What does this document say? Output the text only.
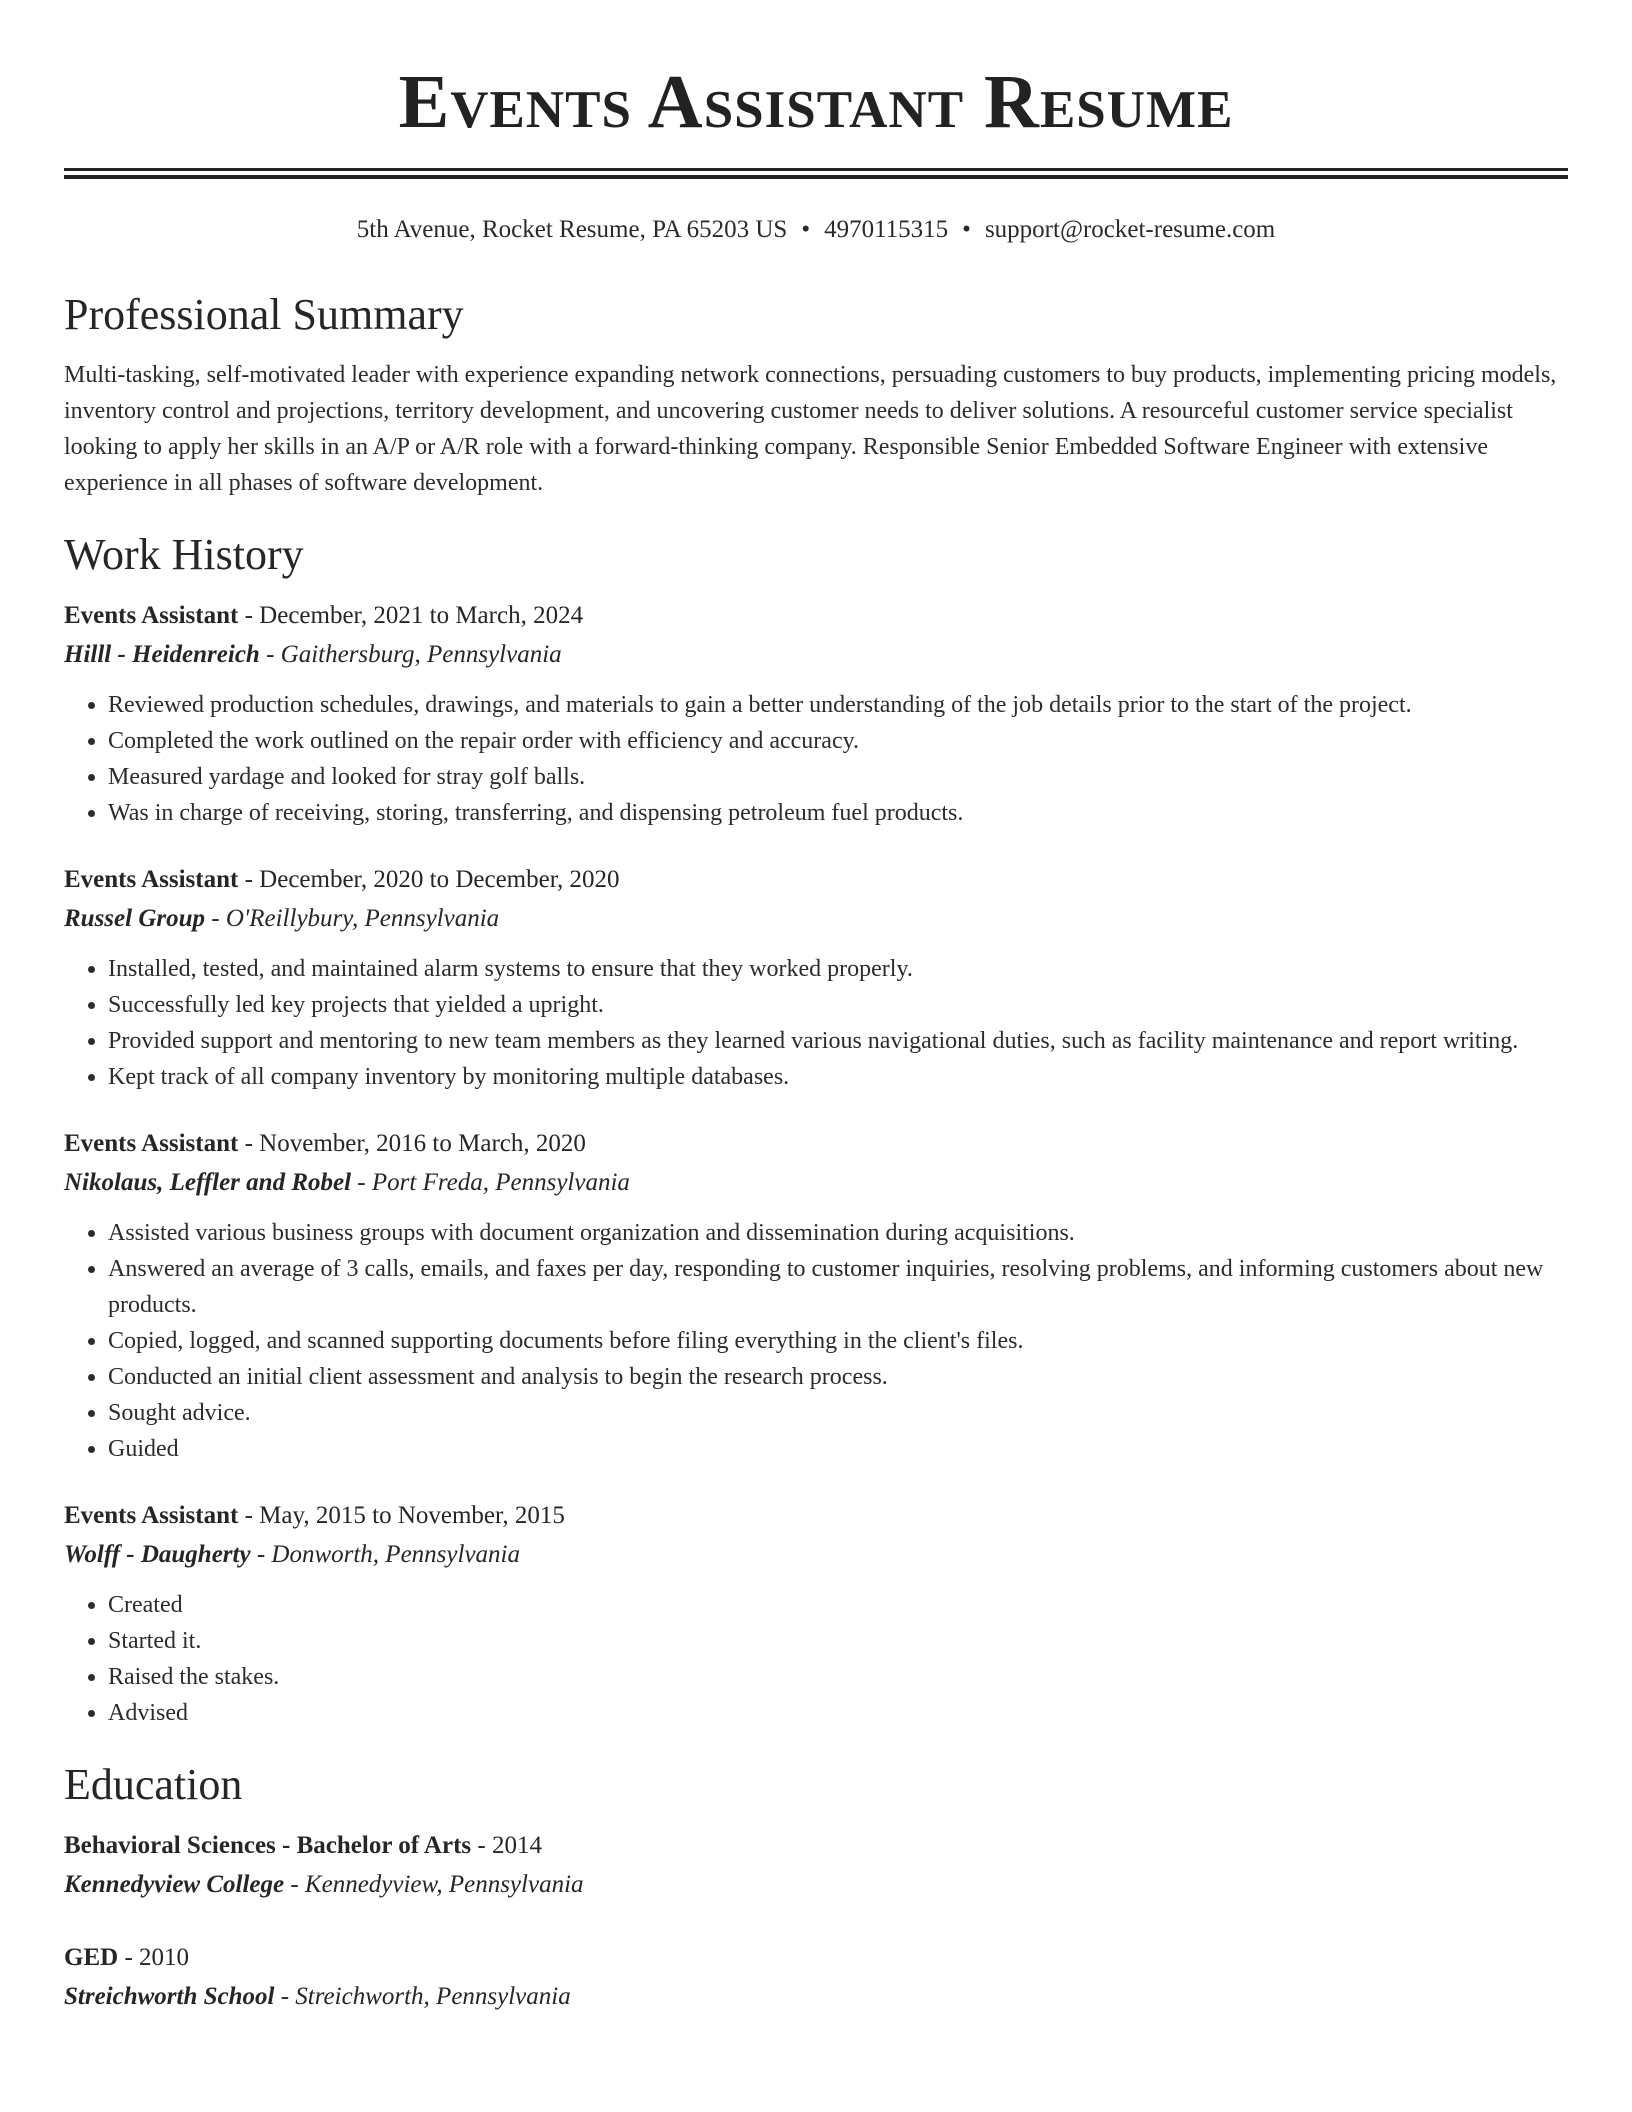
Events Assistant Resume
5th Avenue, Rocket Resume, PA 65203 US • 4970115315 • support@rocket-resume.com
Professional Summary
Multi-tasking, self-motivated leader with experience expanding network connections, persuading customers to buy products, implementing pricing models, inventory control and projections, territory development, and uncovering customer needs to deliver solutions. A resourceful customer service specialist looking to apply her skills in an A/P or A/R role with a forward-thinking company. Responsible Senior Embedded Software Engineer with extensive experience in all phases of software development.
Work History
Events Assistant - December, 2021 to March, 2024
Hilll - Heidenreich - Gaithersburg, Pennsylvania
• Reviewed production schedules, drawings, and materials to gain a better understanding of the job details prior to the start of the project.
• Completed the work outlined on the repair order with efficiency and accuracy.
• Measured yardage and looked for stray golf balls.
• Was in charge of receiving, storing, transferring, and dispensing petroleum fuel products.
Events Assistant - December, 2020 to December, 2020
Russel Group - O'Reillybury, Pennsylvania
• Installed, tested, and maintained alarm systems to ensure that they worked properly.
• Successfully led key projects that yielded a upright.
• Provided support and mentoring to new team members as they learned various navigational duties, such as facility maintenance and report writing.
• Kept track of all company inventory by monitoring multiple databases.
Events Assistant - November, 2016 to March, 2020
Nikolaus, Leffler and Robel - Port Freda, Pennsylvania
• Assisted various business groups with document organization and dissemination during acquisitions.
• Answered an average of 3 calls, emails, and faxes per day, responding to customer inquiries, resolving problems, and informing customers about new products.
• Copied, logged, and scanned supporting documents before filing everything in the client's files.
• Conducted an initial client assessment and analysis to begin the research process.
• Sought advice.
• Guided
Events Assistant - May, 2015 to November, 2015
Wolff - Daugherty - Donworth, Pennsylvania
• Created
• Started it.
• Raised the stakes.
• Advised
Education
Behavioral Sciences - Bachelor of Arts - 2014
Kennedyview College - Kennedyview, Pennsylvania
GED - 2010
Streichworth School - Streichworth, Pennsylvania
